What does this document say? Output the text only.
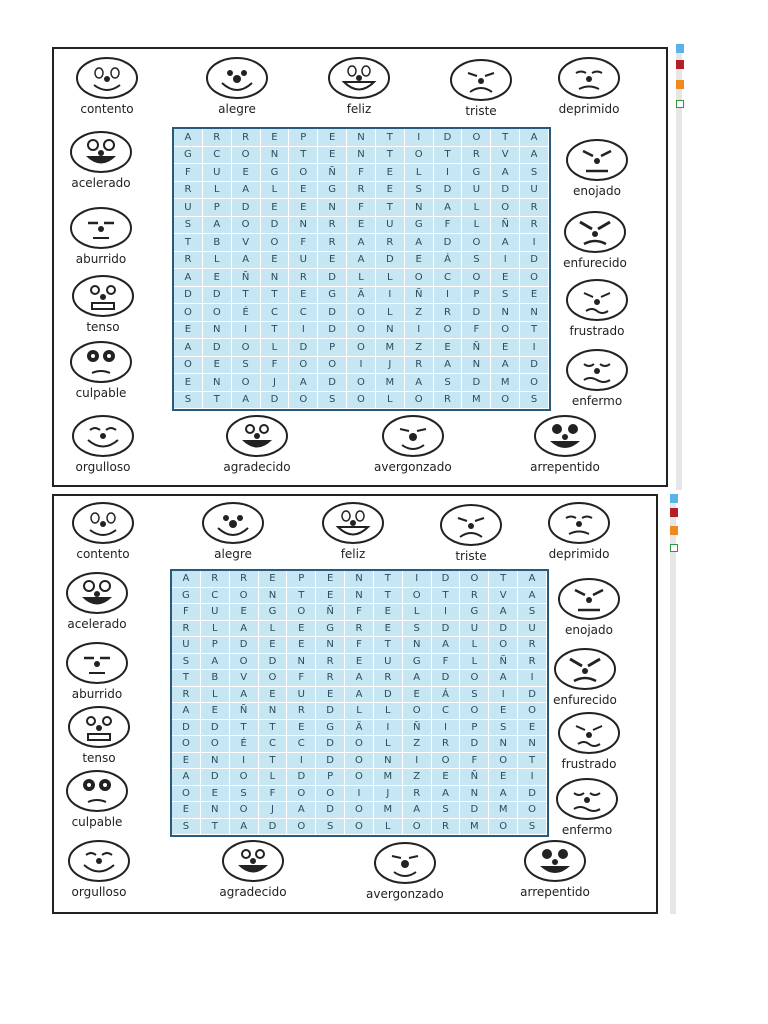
A	R	R	E	P	E	N	T	I	D	O	T	A
G	C	O	N	T	E	N	T	O	T	R	V	A
F	U	E	G	O	Ñ	F	E	L	I	G	A	S
R	L	A	L	E	G	R	E	S	D	U	D	U
U	P	D	E	E	N	F	T	N	A	L	O	R
S	A	O	D	N	R	E	U	G	F	L	Ñ	R
T	B	V	O	F	R	A	R	A	D	O	A	I
R	L	A	E	U	E	A	D	E	Á	S	I	D
A	E	Ñ	N	R	D	L	L	O	C	O	E	O
D	D	T	T	E	G	Ä	I	Ñ	I	P	S	E
O	O	É	C	C	D	O	L	Z	R	D	N	N
E	N	I	T	I	D	O	N	I	O	F	O	T
A	D	O	L	D	P	O	M	Z	E	Ñ	E	I
O	E	S	F	O	O	I	J	R	A	N	A	D
E	N	O	J	A	D	O	M	A	S	D	M	O
S	T	A	D	O	S	O	L	O	R	M	O	S
contento	alegre	feliz	triste	deprimido
acelerado
enojado
aburrido	enfurecido
tenso	frustrado
culpable
enfermo
orgulloso	agradecido	avergonzado	arrepentido
A	R	R	E	P	E	N	T	I	D	O	T	A
G	C	O	N	T	E	N	T	O	T	R	V	A
F	U	E	G	O	Ñ	F	E	L	I	G	A	S
R	L	A	L	E	G	R	E	S	D	U	D	U
U	P	D	E	E	N	F	T	N	A	L	O	R
S	A	O	D	N	R	E	U	G	F	L	Ñ	R
T	B	V	O	F	R	A	R	A	D	O	A	I
R	L	A	E	U	E	A	D	E	Á	S	I	D
A	E	Ñ	N	R	D	L	L	O	C	O	E	O
D	D	T	T	E	G	Ä	I	Ñ	I	P	S	E
O	O	É	C	C	D	O	L	Z	R	D	N	N
E	N	I	T	I	D	O	N	I	O	F	O	T
A	D	O	L	D	P	O	M	Z	E	Ñ	E	I
O	E	S	F	O	O	I	J	R	A	N	A	D
E	N	O	J	A	D	O	M	A	S	D	M	O
S	T	A	D	O	S	O	L	O	R	M	O	S
contento	alegre	feliz	triste	deprimido
acelerado	enojado
aburrido	enfurecido
tenso	frustrado
culpable
enfermo
orgulloso	agradecido	avergonzado	arrepentido
